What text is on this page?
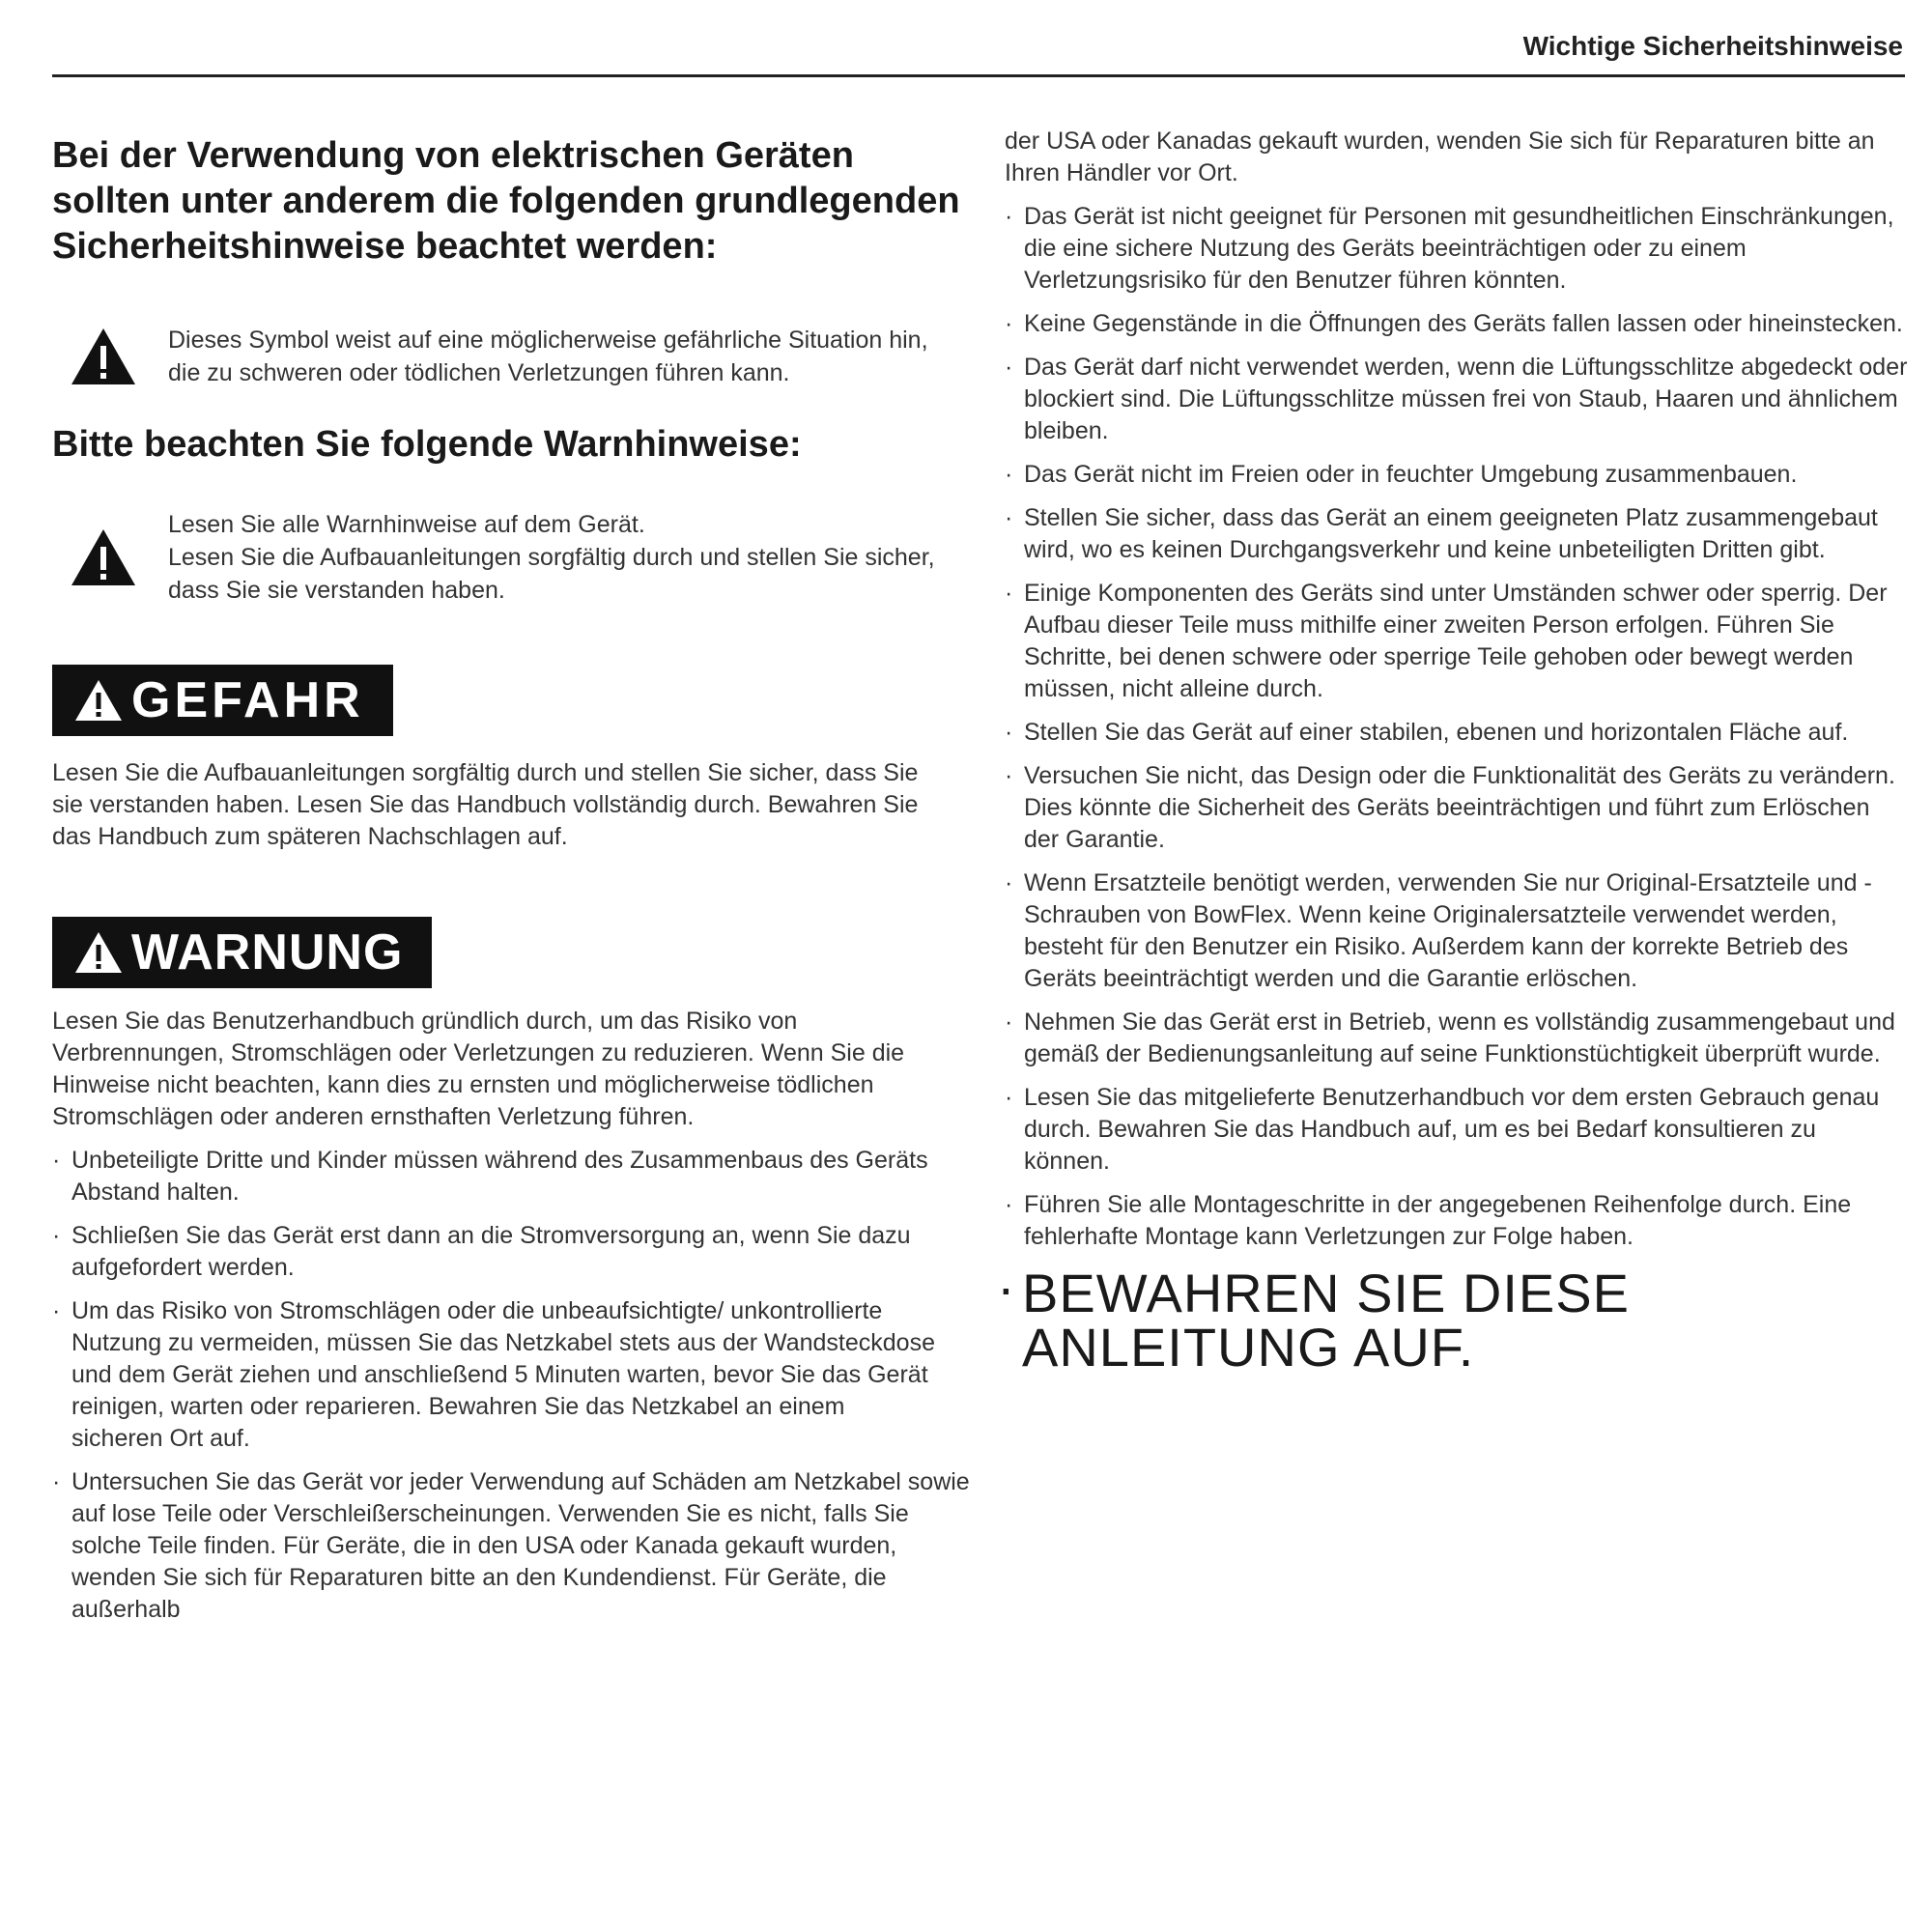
Wichtige Sicherheitshinweise
Bei der Verwendung von elektrischen Geräten sollten unter anderem die folgenden grundlegenden Sicherheitshinweise beachtet werden:

Dieses Symbol weist auf eine möglicherweise gefährliche Situation hin, die zu schweren oder tödlichen Verletzungen führen kann.

Bitte beachten Sie folgende Warnhinweise:
Lesen Sie alle Warnhinweise auf dem Gerät.
Lesen Sie die Aufbauanleitungen sorgfältig durch und stellen Sie sicher, dass Sie sie verstanden haben.
GEFAHR

Lesen Sie die Aufbauanleitungen sorgfältig durch und stellen Sie sicher, dass Sie sie verstanden haben. Lesen Sie das Handbuch vollständig durch. Bewahren Sie das Handbuch zum späteren Nachschlagen auf.

WARNUNG

Lesen Sie das Benutzerhandbuch gründlich durch, um das Risiko von Verbrennungen, Stromschlägen oder Verletzungen zu reduzieren. Wenn Sie die Hinweise nicht beachten, kann dies zu ernsten und möglicherweise tödlichen Stromschlägen oder anderen ernsthaften Verletzung führen.

· Unbeteiligte Dritte und Kinder müssen während des Zusammenbaus des Geräts Abstand halten.

· Schließen Sie das Gerät erst dann an die Stromversorgung an, wenn Sie dazu aufgefordert werden.

· Um das Risiko von Stromschlägen oder die unbeaufsichtigte/ unkontrollierte Nutzung zu vermeiden, müssen Sie das Netzkabel stets aus der Wandsteckdose und dem Gerät ziehen und anschließend 5 Minuten warten, bevor Sie das Gerät reinigen, warten oder reparieren. Bewahren Sie das Netzkabel an einem sicheren Ort auf.

· Untersuchen Sie das Gerät vor jeder Verwendung auf Schäden am Netzkabel sowie auf lose Teile oder Verschleißerscheinungen. Verwenden Sie es nicht, falls Sie solche Teile finden. Für Geräte, die in den USA oder Kanada gekauft wurden, wenden Sie sich für Reparaturen bitte an den Kundendienst. Für Geräte, die außerhalb

der USA oder Kanadas gekauft wurden, wenden Sie sich für Reparaturen bitte an Ihren Händler vor Ort.

· Das Gerät ist nicht geeignet für Personen mit gesundheitlichen Einschränkungen, die eine sichere Nutzung des Geräts beeinträchtigen oder zu einem Verletzungsrisiko für den Benutzer führen könnten.

· Keine Gegenstände in die Öffnungen des Geräts fallen lassen oder hineinstecken.

· Das Gerät darf nicht verwendet werden, wenn die Lüftungsschlitze abgedeckt oder blockiert sind. Die Lüftungsschlitze müssen frei von Staub, Haaren und ähnlichem bleiben.

· Das Gerät nicht im Freien oder in feuchter Umgebung zusammenbauen.

· Stellen Sie sicher, dass das Gerät an einem geeigneten Platz zusammengebaut wird, wo es keinen Durchgangsverkehr und keine unbeteiligten Dritten gibt.

· Einige Komponenten des Geräts sind unter Umständen schwer oder sperrig. Der Aufbau dieser Teile muss mithilfe einer zweiten Person erfolgen. Führen Sie Schritte, bei denen schwere oder sperrige Teile gehoben oder bewegt werden müssen, nicht alleine durch.

· Stellen Sie das Gerät auf einer stabilen, ebenen und horizontalen Fläche auf.

· Versuchen Sie nicht, das Design oder die Funktionalität des Geräts zu verändern. Dies könnte die Sicherheit des Geräts beeinträchtigen und führt zum Erlöschen der Garantie.

· Wenn Ersatzteile benötigt werden, verwenden Sie nur Original-Ersatzteile und -Schrauben von BowFlex. Wenn keine Originalersatzteile verwendet werden, besteht für den Benutzer ein Risiko. Außerdem kann der korrekte Betrieb des Geräts beeinträchtigt werden und die Garantie erlöschen.

· Nehmen Sie das Gerät erst in Betrieb, wenn es vollständig zusammengebaut und gemäß der Bedienungsanleitung auf seine Funktionstüchtigkeit überprüft wurde.

· Lesen Sie das mitgelieferte Benutzerhandbuch vor dem ersten Gebrauch genau durch. Bewahren Sie das Handbuch auf, um es bei Bedarf konsultieren zu können.

· Führen Sie alle Montageschritte in der angegebenen Reihenfolge durch. Eine fehlerhafte Montage kann Verletzungen zur Folge haben.

· BEWAHREN SIE DIESE
ANLEITUNG AUF.
